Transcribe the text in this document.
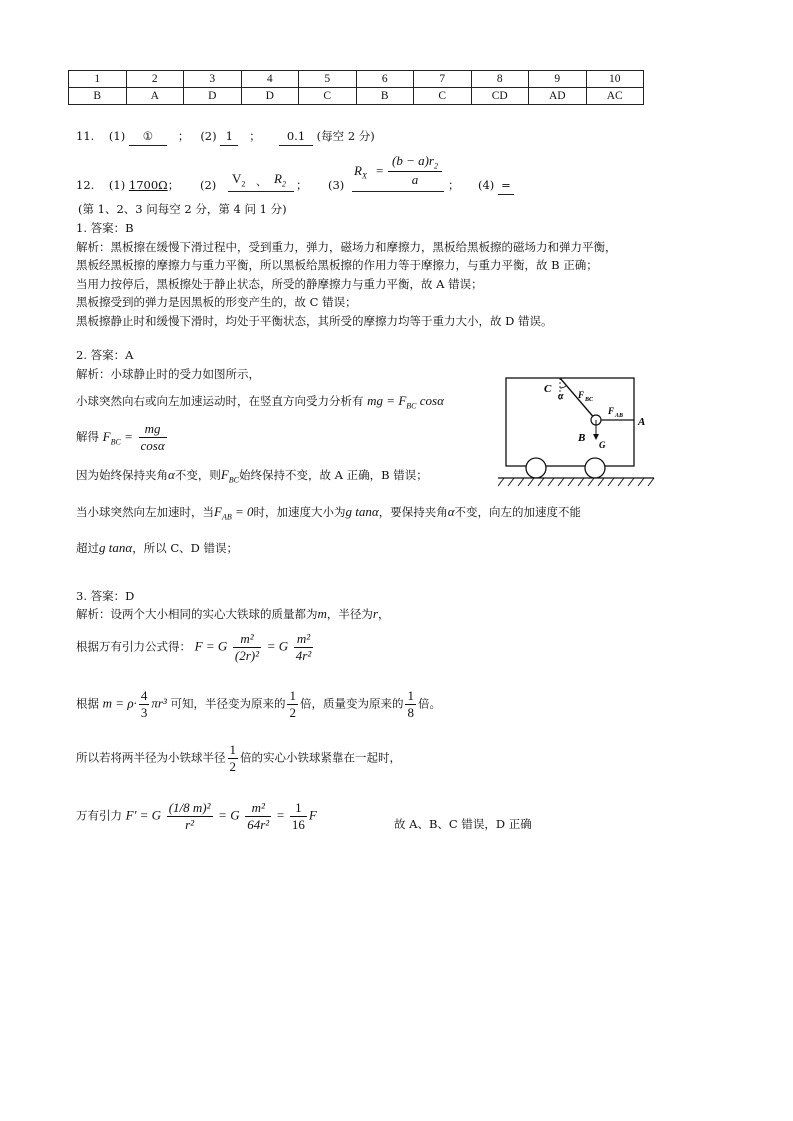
1	2	3	4	5	6	7	8	9	10
B	A	D	D	C	B	C	CD	AD	AC
11. (1) ① ； (2) 1 ； 0.1 (每空 2 分)
12. (1) 1700Ω； (2) $V_2$ 、 $R_2$ ； (3)
$R_X$ =
$(b - a)r_2$
a	； (4) =
(第 1、2、3 问每空 2 分，第 4 问 1 分)
1. 答案：B
解析：黑板擦在缓慢下滑过程中，受到重力，弹力，磁场力和摩擦力，黑板给黑板擦的磁场力和弹力平衡，
黑板经黑板擦的摩擦力与重力平衡，所以黑板给黑板擦的作用力等于摩擦力，与重力平衡，故 B 正确；
当用力按停后，黑板擦处于静止状态，所受的静摩擦力与重力平衡，故 A 错误；
黑板擦受到的弹力是因黑板的形变产生的，故 C 错误；
黑板擦静止时和缓慢下滑时，均处于平衡状态，其所受的摩擦力均等于重力大小，故 D 错误。
2. 答案：A
解析：小球静止时的受力如图所示，
小球突然向右或向左加速运动时，在竖直方向受力分析有 mg = $F_{BC}$ cosα
解得 $F_{BC} = \frac{mg}{\cos\alpha}$
因为始终保持夹角α不变，则$F_{BC}$始终保持不变，故 A 正确，B 错误；
当小球突然向左加速时，当$F_{AB} = 0$时，加速度大小为g tanα，要保持夹角α不变，向左的加速度不能
超过g tanα，所以 C、D 错误；
C
α F BC
F AB A
B
G
3. 答案：D
解析：设两个大小相同的实心大铁球的质量都为m，半径为r，
根据万有引力公式得： F = G $\frac{\text{m²}}{\text{(2r)²}} = G \frac{\text{m²}}{\text{4r²}}$
根据 $m = \rho\cdot \frac{4}{3} \pi r^3$ 可知，半径变为原来的 $\frac{1}{2}$ 倍，质量变为原来的 $\frac{1}{8}$ 倍。
所以若将两半径为小铁球半径 $\frac{1}{2}$ 倍的实心小铁球紧靠在一起时，
万有引力 F' = G $\frac{\text{(1/8 m)²}}{\text{r²}} = G \frac{\text{m²}}{\text{64r²}} = \frac{1}{16}$ F
故 A、B、C 错误，D 正确
